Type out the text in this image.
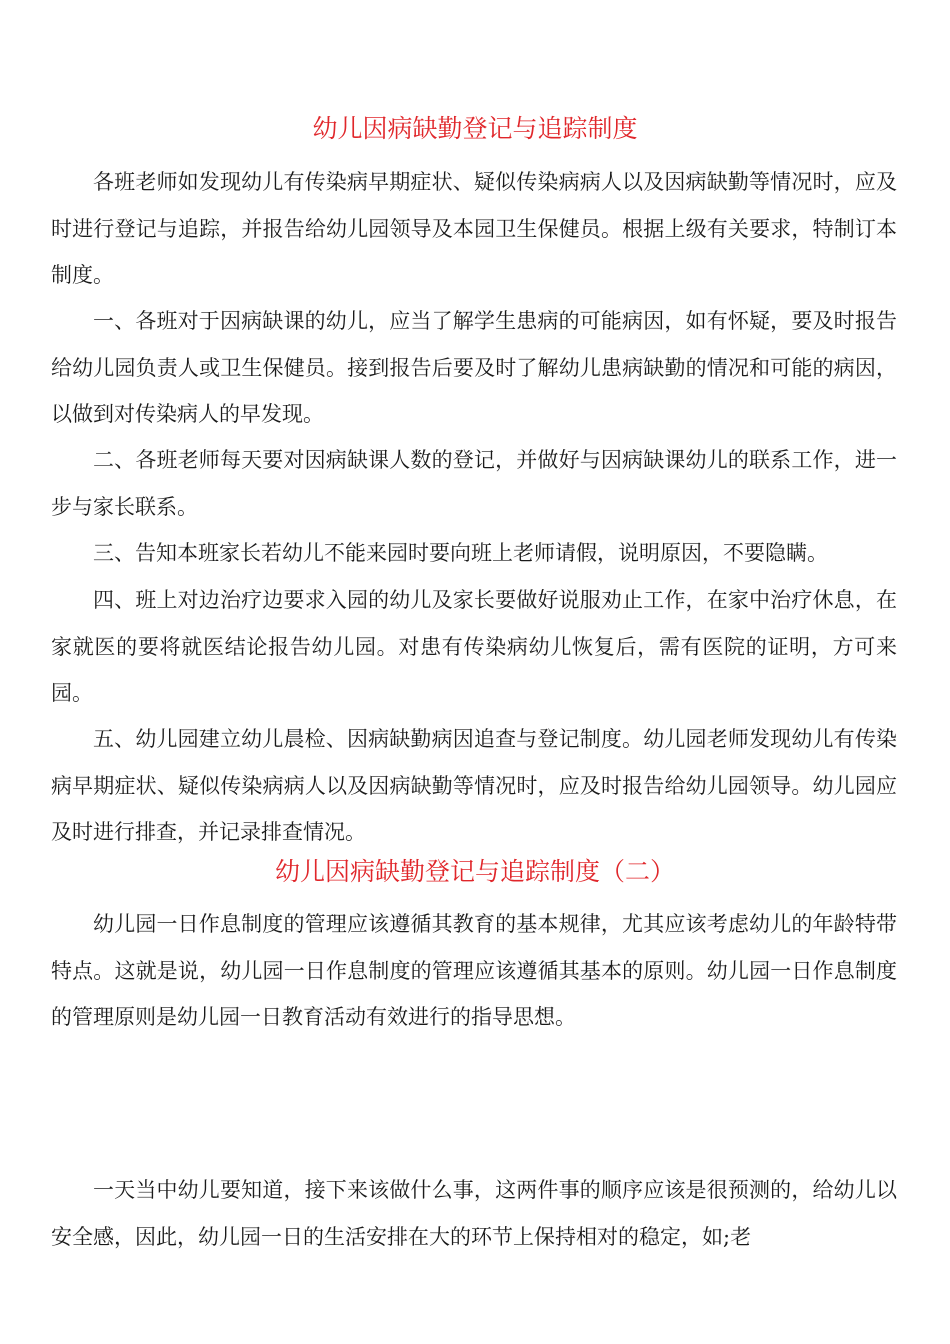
幼儿因病缺勤登记与追踪制度

各班老师如发现幼儿有传染病早期症状、疑似传染病病人以及因病缺勤等情况时，应及时进行登记与追踪，并报告给幼儿园领导及本园卫生保健员。根据上级有关要求，特制订本制度。

一、各班对于因病缺课的幼儿，应当了解学生患病的可能病因，如有怀疑，要及时报告给幼儿园负责人或卫生保健员。接到报告后要及时了解幼儿患病缺勤的情况和可能的病因，以做到对传染病人的早发现。

二、各班老师每天要对因病缺课人数的登记，并做好与因病缺课幼儿的联系工作，进一步与家长联系。

三、告知本班家长若幼儿不能来园时要向班上老师请假，说明原因，不要隐瞒。

四、班上对边治疗边要求入园的幼儿及家长要做好说服劝止工作，在家中治疗休息，在家就医的要将就医结论报告幼儿园。对患有传染病幼儿恢复后，需有医院的证明，方可来园。

五、幼儿园建立幼儿晨检、因病缺勤病因追查与登记制度。幼儿园老师发现幼儿有传染病早期症状、疑似传染病病人以及因病缺勤等情况时，应及时报告给幼儿园领导。幼儿园应及时进行排查，并记录排查情况。

幼儿因病缺勤登记与追踪制度（二）

幼儿园一日作息制度的管理应该遵循其教育的基本规律，尤其应该考虑幼儿的年龄特带特点。这就是说，幼儿园一日作息制度的管理应该遵循其基本的原则。幼儿园一日作息制度的管理原则是幼儿园一日教育活动有效进行的指导思想。

一天当中幼儿要知道，接下来该做什么事，这两件事的顺序应该是很预测的，给幼儿以安全感，因此，幼儿园一日的生活安排在大的环节上保持相对的稳定，如;老
